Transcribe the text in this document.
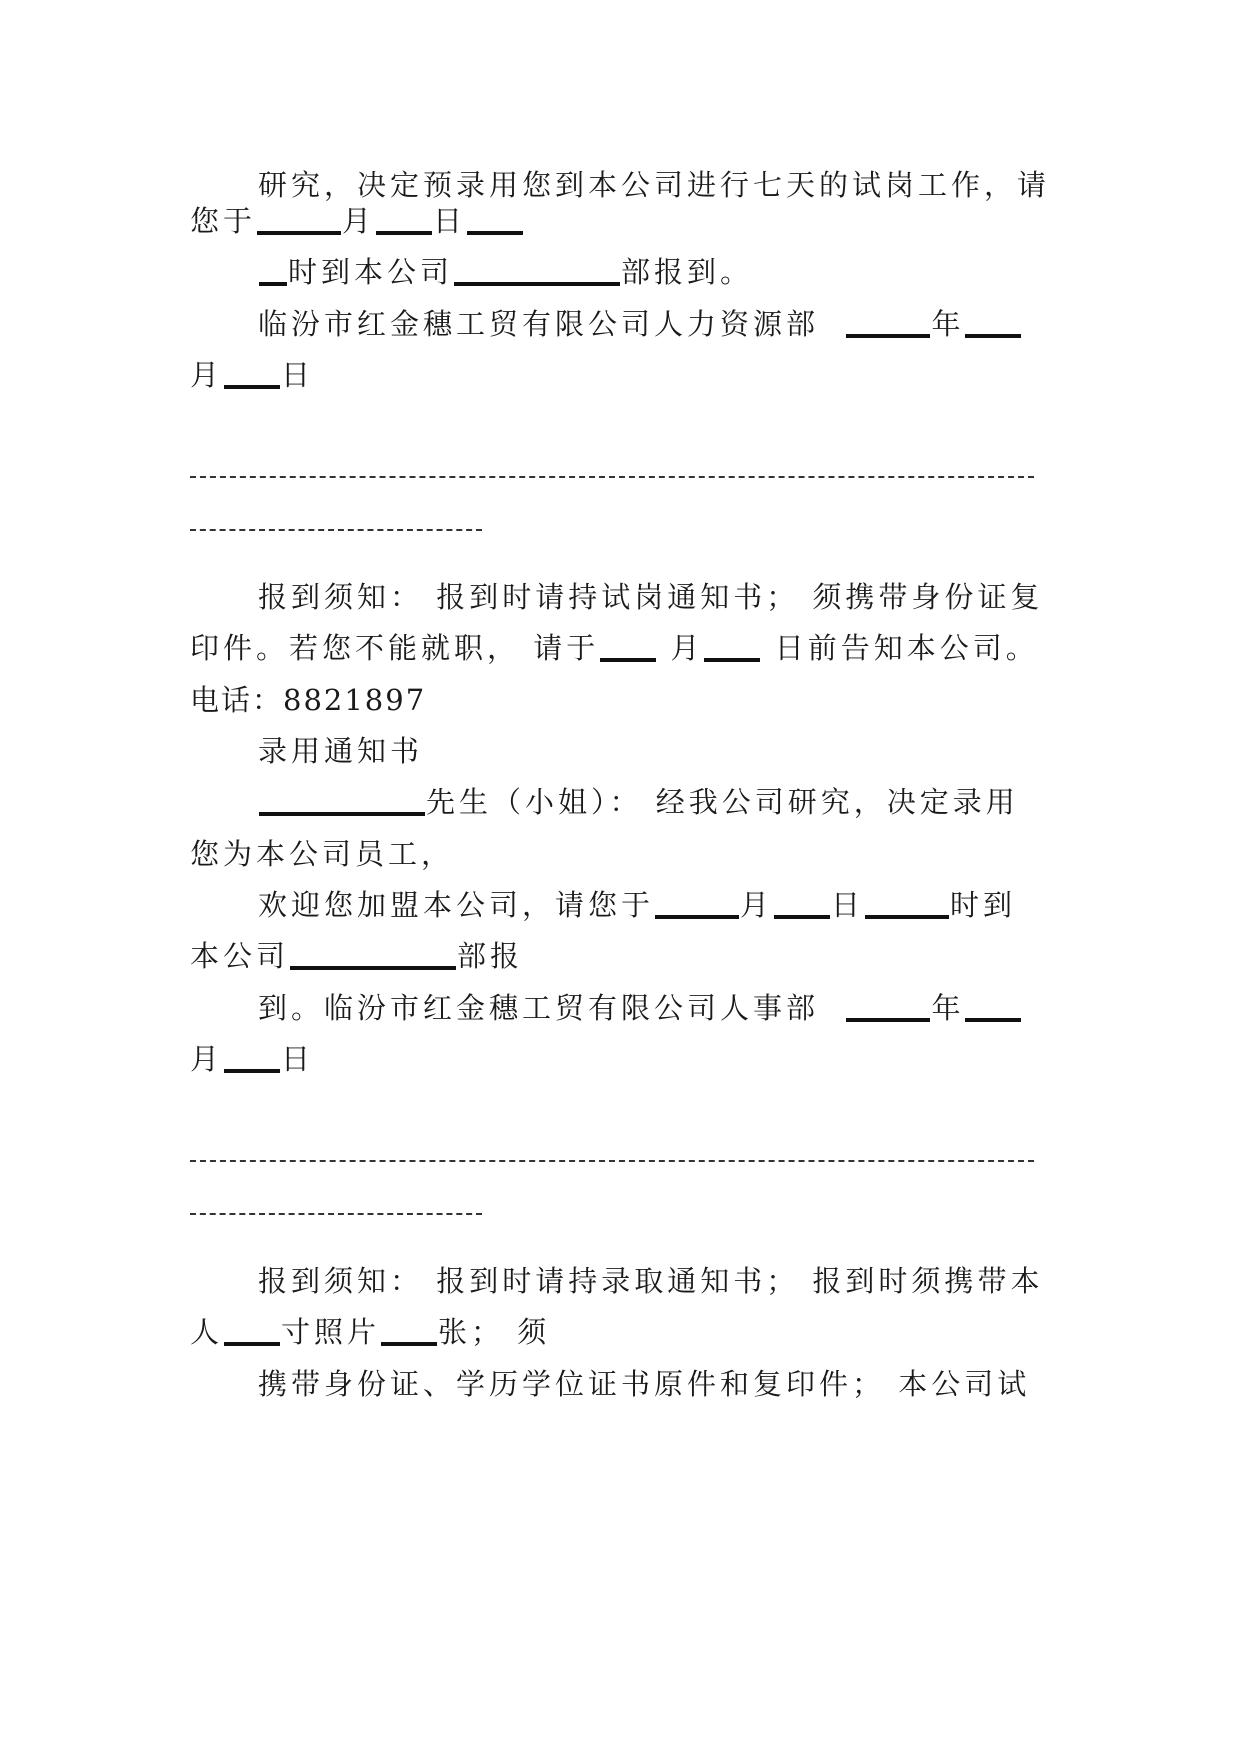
研究，决定预录用您到本公司进行七天的试岗工作，请
您于	月 日
时到本公司	部报到。
临汾市红金穗工贸有限公司人力资源部	年
月 日
报到须知： 报到时请持试岗通知书； 须携带身份证复
印件。若您不能就职， 请于 月 日前告知本公司。
电话：8821897
录用通知书
先生（小姐）： 经我公司研究，决定录用
您为本公司员工，
欢迎您加盟本公司，请您于	月 日	时到
本公司	部报
到。临汾市红金穗工贸有限公司人事部	年
月 日
报到须知： 报到时请持录取通知书； 报到时须携带本
人 寸照片 张； 须
携带身份证、学历学位证书原件和复印件； 本公司试
